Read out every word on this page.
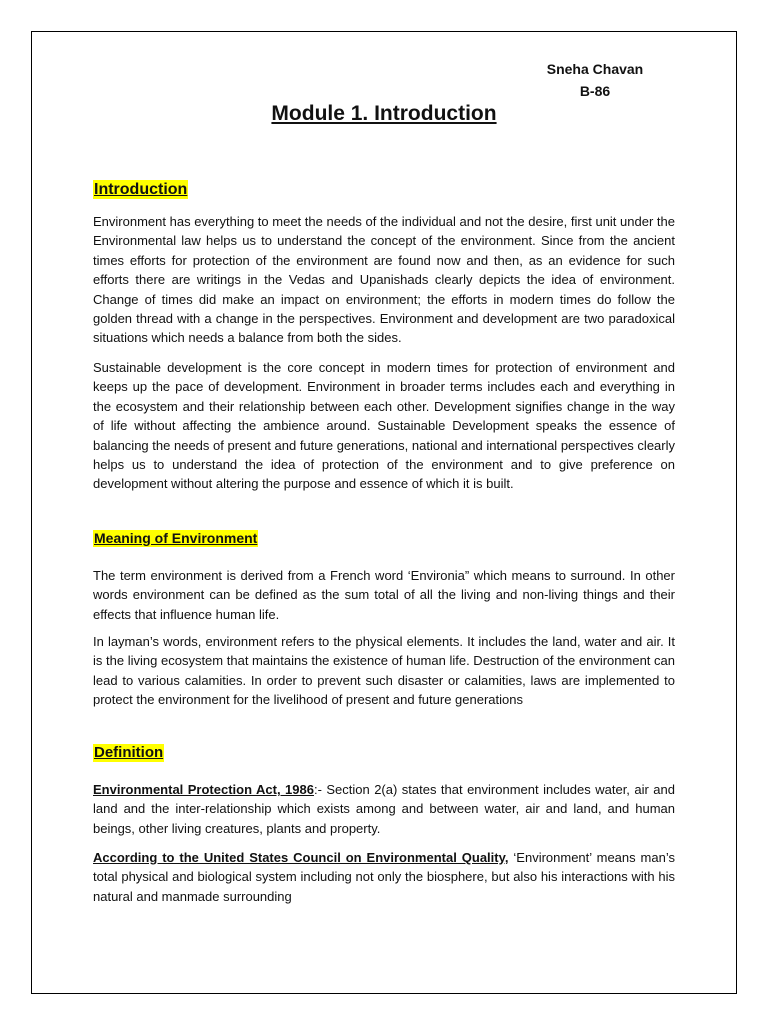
Sneha Chavan
B-86
Module 1. Introduction
Introduction

Environment has everything to meet the needs of the individual and not the desire, first unit under the Environmental law helps us to understand the concept of the environment. Since from the ancient times efforts for protection of the environment are found now and then, as an evidence for such efforts there are writings in the Vedas and Upanishads clearly depicts the idea of environment. Change of times did make an impact on environment; the efforts in modern times do follow the golden thread with a change in the perspectives. Environment and development are two paradoxical situations which needs a balance from both the sides.

Sustainable development is the core concept in modern times for protection of environment and keeps up the pace of development. Environment in broader terms includes each and everything in the ecosystem and their relationship between each other. Development signifies change in the way of life without affecting the ambience around. Sustainable Development speaks the essence of balancing the needs of present and future generations, national and international perspectives clearly helps us to understand the idea of protection of the environment and to give preference on development without altering the purpose and essence of which it is built.

Meaning of Environment

The term environment is derived from a French word ‘Environia” which means to surround. In other words environment can be defined as the sum total of all the living and non-living things and their effects that influence human life.

In layman’s words, environment refers to the physical elements. It includes the land, water and air. It is the living ecosystem that maintains the existence of human life. Destruction of the environment can lead to various calamities. In order to prevent such disaster or calamities, laws are implemented to protect the environment for the livelihood of present and future generations

Definition

Environmental Protection Act, 1986:- Section 2(a) states that environment includes water, air and land and the inter-relationship which exists among and between water, air and land, and human beings, other living creatures, plants and property.

According to the United States Council on Environmental Quality, ‘Environment’ means man’s total physical and biological system including not only the biosphere, but also his interactions with his natural and manmade surrounding
